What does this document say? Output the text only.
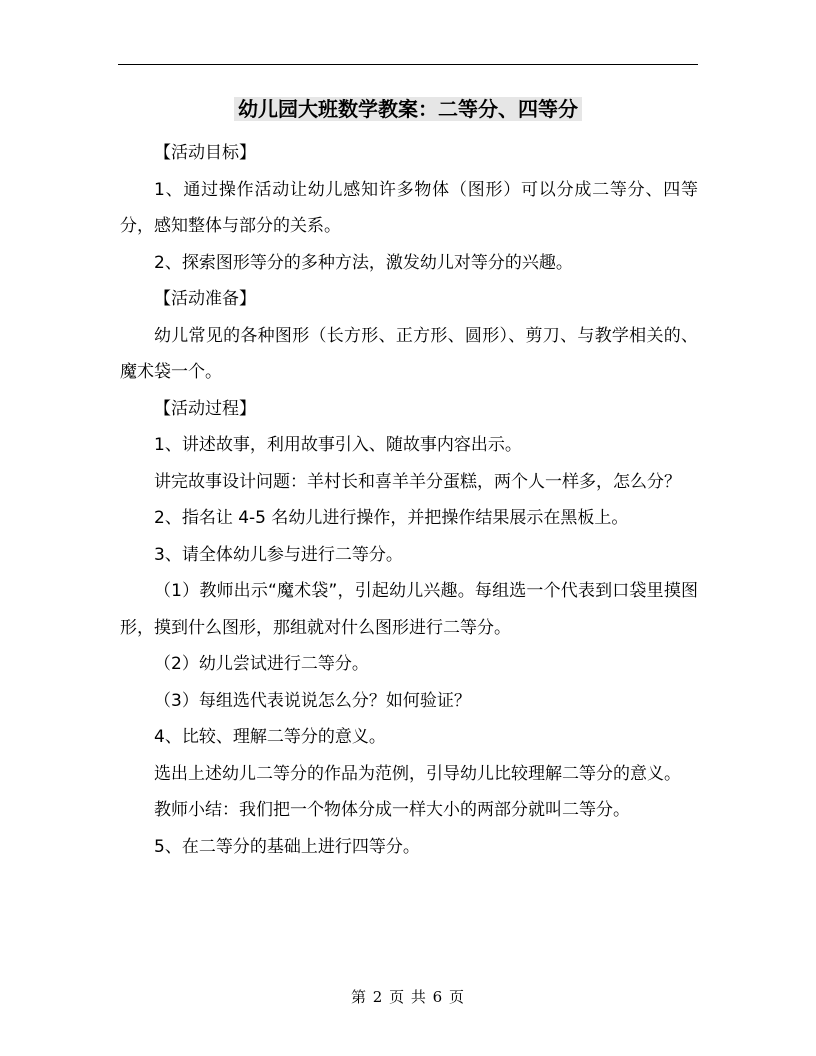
幼儿园大班数学教案：二等分、四等分

【活动目标】

1、通过操作活动让幼儿感知许多物体（图形）可以分成二等分、四等分，感知整体与部分的关系。

2、探索图形等分的多种方法，激发幼儿对等分的兴趣。

【活动准备】

幼儿常见的各种图形（长方形、正方形、圆形）、剪刀、与教学相关的、魔术袋一个。

【活动过程】

1、讲述故事，利用故事引入、随故事内容出示。

讲完故事设计问题：羊村长和喜羊羊分蛋糕，两个人一样多，怎么分？

2、指名让 4-5 名幼儿进行操作，并把操作结果展示在黑板上。

3、请全体幼儿参与进行二等分。

（1）教师出示“魔术袋”，引起幼儿兴趣。每组选一个代表到口袋里摸图形，摸到什么图形，那组就对什么图形进行二等分。

（2）幼儿尝试进行二等分。

（3）每组选代表说说怎么分？如何验证？

4、比较、理解二等分的意义。

选出上述幼儿二等分的作品为范例，引导幼儿比较理解二等分的意义。

教师小结：我们把一个物体分成一样大小的两部分就叫二等分。

5、在二等分的基础上进行四等分。

第 2 页 共 6 页
